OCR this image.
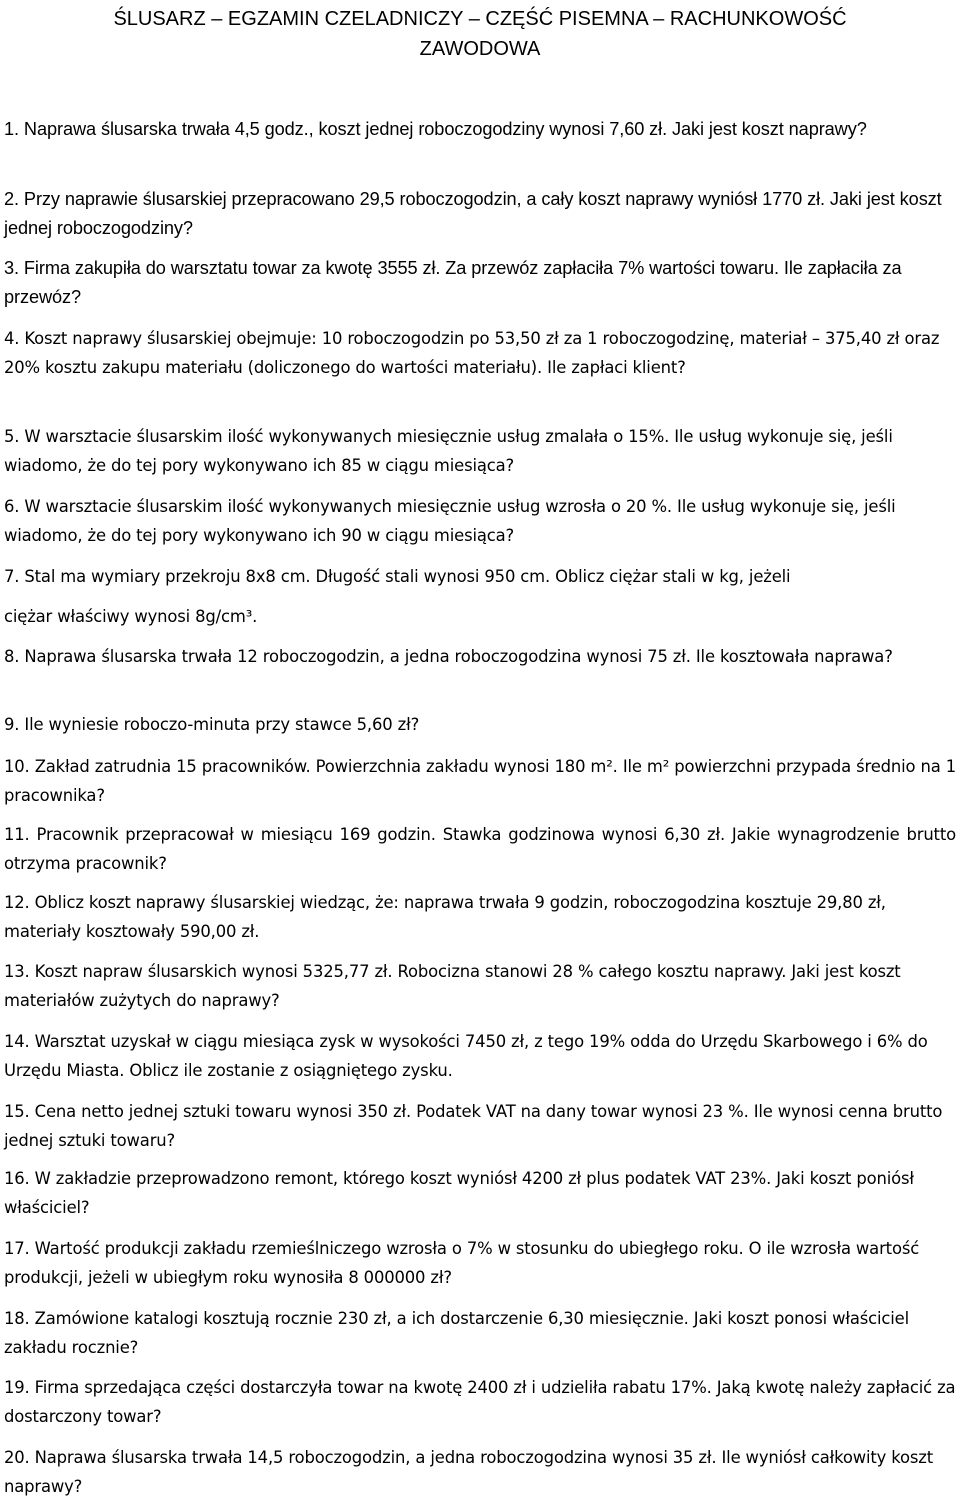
ŚLUSARZ – EGZAMIN CZELADNICZY – CZĘŚĆ PISEMNA – RACHUNKOWOŚĆ
ZAWODOWA

1. Naprawa ślusarska trwała 4,5 godz., koszt jednej roboczogodziny wynosi 7,60 zł. Jaki jest koszt naprawy?

2. Przy naprawie ślusarskiej przepracowano 29,5 roboczogodzin, a cały koszt naprawy wyniósł 1770 zł. Jaki jest koszt jednej roboczogodziny?

3. Firma zakupiła do warsztatu towar za kwotę 3555 zł. Za przewóz zapłaciła 7% wartości towaru. Ile zapłaciła za przewóz?

4. Koszt naprawy ślusarskiej obejmuje: 10 roboczogodzin po 53,50 zł za 1 roboczogodzinę, materiał – 375,40 zł oraz 20% kosztu zakupu materiału (doliczonego do wartości materiału). Ile zapłaci klient?

5. W warsztacie ślusarskim ilość wykonywanych miesięcznie usług zmalała o 15%. Ile usług wykonuje się, jeśli wiadomo, że do tej pory wykonywano ich 85 w ciągu miesiąca?

6. W warsztacie ślusarskim ilość wykonywanych miesięcznie usług wzrosła o 20 %. Ile usług wykonuje się, jeśli wiadomo, że do tej pory wykonywano ich 90 w ciągu miesiąca?

7. Stal ma wymiary przekroju 8x8 cm. Długość stali wynosi 950 cm. Oblicz ciężar stali w kg, jeżeli

ciężar właściwy wynosi 8g/cm³.

8. Naprawa ślusarska trwała 12 roboczogodzin, a jedna roboczogodzina wynosi 75 zł. Ile kosztowała naprawa?

9. Ile wyniesie roboczo-minuta przy stawce 5,60 zł?

10. Zakład zatrudnia 15 pracowników. Powierzchnia zakładu wynosi 180 m². Ile m² powierzchni przypada średnio na 1 pracownika?

11. Pracownik przepracował w miesiącu 169 godzin. Stawka godzinowa wynosi 6,30 zł. Jakie wynagrodzenie brutto otrzyma pracownik?

12. Oblicz koszt naprawy ślusarskiej wiedząc, że: naprawa trwała 9 godzin, roboczogodzina kosztuje 29,80 zł, materiały kosztowały 590,00 zł.

13. Koszt napraw ślusarskich wynosi 5325,77 zł. Robocizna stanowi 28 % całego kosztu naprawy. Jaki jest koszt materiałów zużytych do naprawy?

14. Warsztat uzyskał w ciągu miesiąca zysk w wysokości 7450 zł, z tego 19% odda do Urzędu Skarbowego i 6% do Urzędu Miasta. Oblicz ile zostanie z osiągniętego zysku.

15. Cena netto jednej sztuki towaru wynosi 350 zł. Podatek VAT na dany towar wynosi 23 %. Ile wynosi cenna brutto jednej sztuki towaru?

16. W zakładzie przeprowadzono remont, którego koszt wyniósł 4200 zł plus podatek VAT 23%. Jaki koszt poniósł właściciel?

17. Wartość produkcji zakładu rzemieślniczego wzrosła o 7% w stosunku do ubiegłego roku. O ile wzrosła wartość produkcji, jeżeli w ubiegłym roku wynosiła 8 000000 zł?

18. Zamówione katalogi kosztują rocznie 230 zł, a ich dostarczenie 6,30 miesięcznie. Jaki koszt ponosi właściciel zakładu rocznie?

19. Firma sprzedająca części dostarczyła towar na kwotę 2400 zł i udzieliła rabatu 17%. Jaką kwotę należy zapłacić za dostarczony towar?

20. Naprawa ślusarska trwała 14,5 roboczogodzin, a jedna roboczogodzina wynosi 35 zł. Ile wyniósł całkowity koszt naprawy?
